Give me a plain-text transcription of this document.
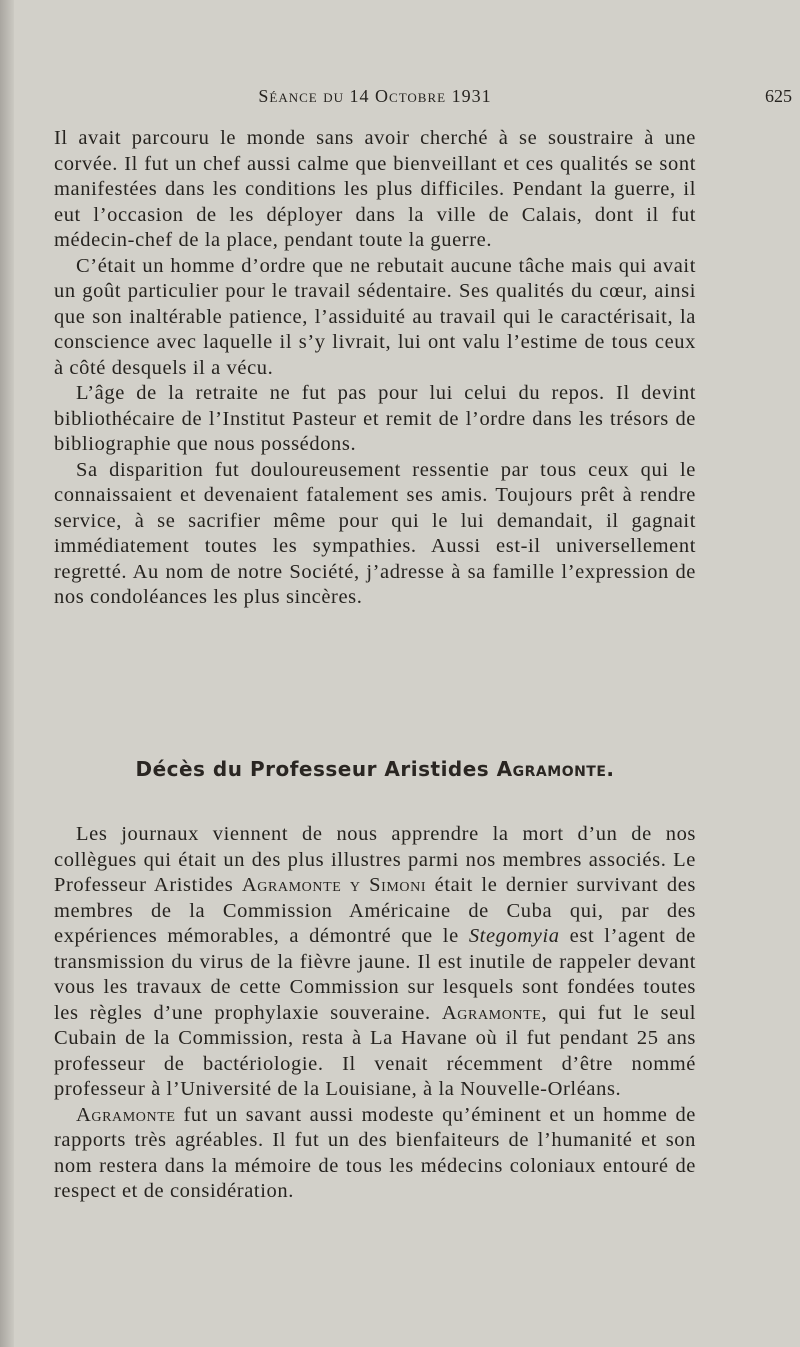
Séance du 14 Octobre 1931	625

Il avait parcouru le monde sans avoir cherché à se soustraire à une corvée. Il fut un chef aussi calme que bienveillant et ces qualités se sont manifestées dans les conditions les plus difficiles. Pendant la guerre, il eut l’occasion de les déployer dans la ville de Calais, dont il fut médecin-chef de la place, pendant toute la guerre.

C’était un homme d’ordre que ne rebutait aucune tâche mais qui avait un goût particulier pour le travail sédentaire. Ses qualités du cœur, ainsi que son inaltérable patience, l’assiduité au travail qui le caractérisait, la conscience avec laquelle il s’y livrait, lui ont valu l’estime de tous ceux à côté desquels il a vécu.

L’âge de la retraite ne fut pas pour lui celui du repos. Il devint bibliothécaire de l’Institut Pasteur et remit de l’ordre dans les trésors de bibliographie que nous possédons.

Sa disparition fut douloureusement ressentie par tous ceux qui le connaissaient et devenaient fatalement ses amis. Toujours prêt à rendre service, à se sacrifier même pour qui le lui demandait, il gagnait immédiatement toutes les sympathies. Aussi est-il universellement regretté. Au nom de notre Société, j’adresse à sa famille l’expression de nos condoléances les plus sincères.

Décès du Professeur Aristides Agramonte.

Les journaux viennent de nous apprendre la mort d’un de nos collègues qui était un des plus illustres parmi nos membres associés. Le Professeur Aristides Agramonte y Simoni était le dernier survivant des membres de la Commission Américaine de Cuba qui, par des expériences mémorables, a démontré que le Stegomyia est l’agent de transmission du virus de la fièvre jaune. Il est inutile de rappeler devant vous les travaux de cette Commission sur lesquels sont fondées toutes les règles d’une prophylaxie souveraine. Agramonte, qui fut le seul Cubain de la Commission, resta à La Havane où il fut pendant 25 ans professeur de bactériologie. Il venait récemment d’être nommé professeur à l’Université de la Louisiane, à la Nouvelle-Orléans.

Agramonte fut un savant aussi modeste qu’éminent et un homme de rapports très agréables. Il fut un des bienfaiteurs de l’humanité et son nom restera dans la mémoire de tous les médecins coloniaux entouré de respect et de considération.
